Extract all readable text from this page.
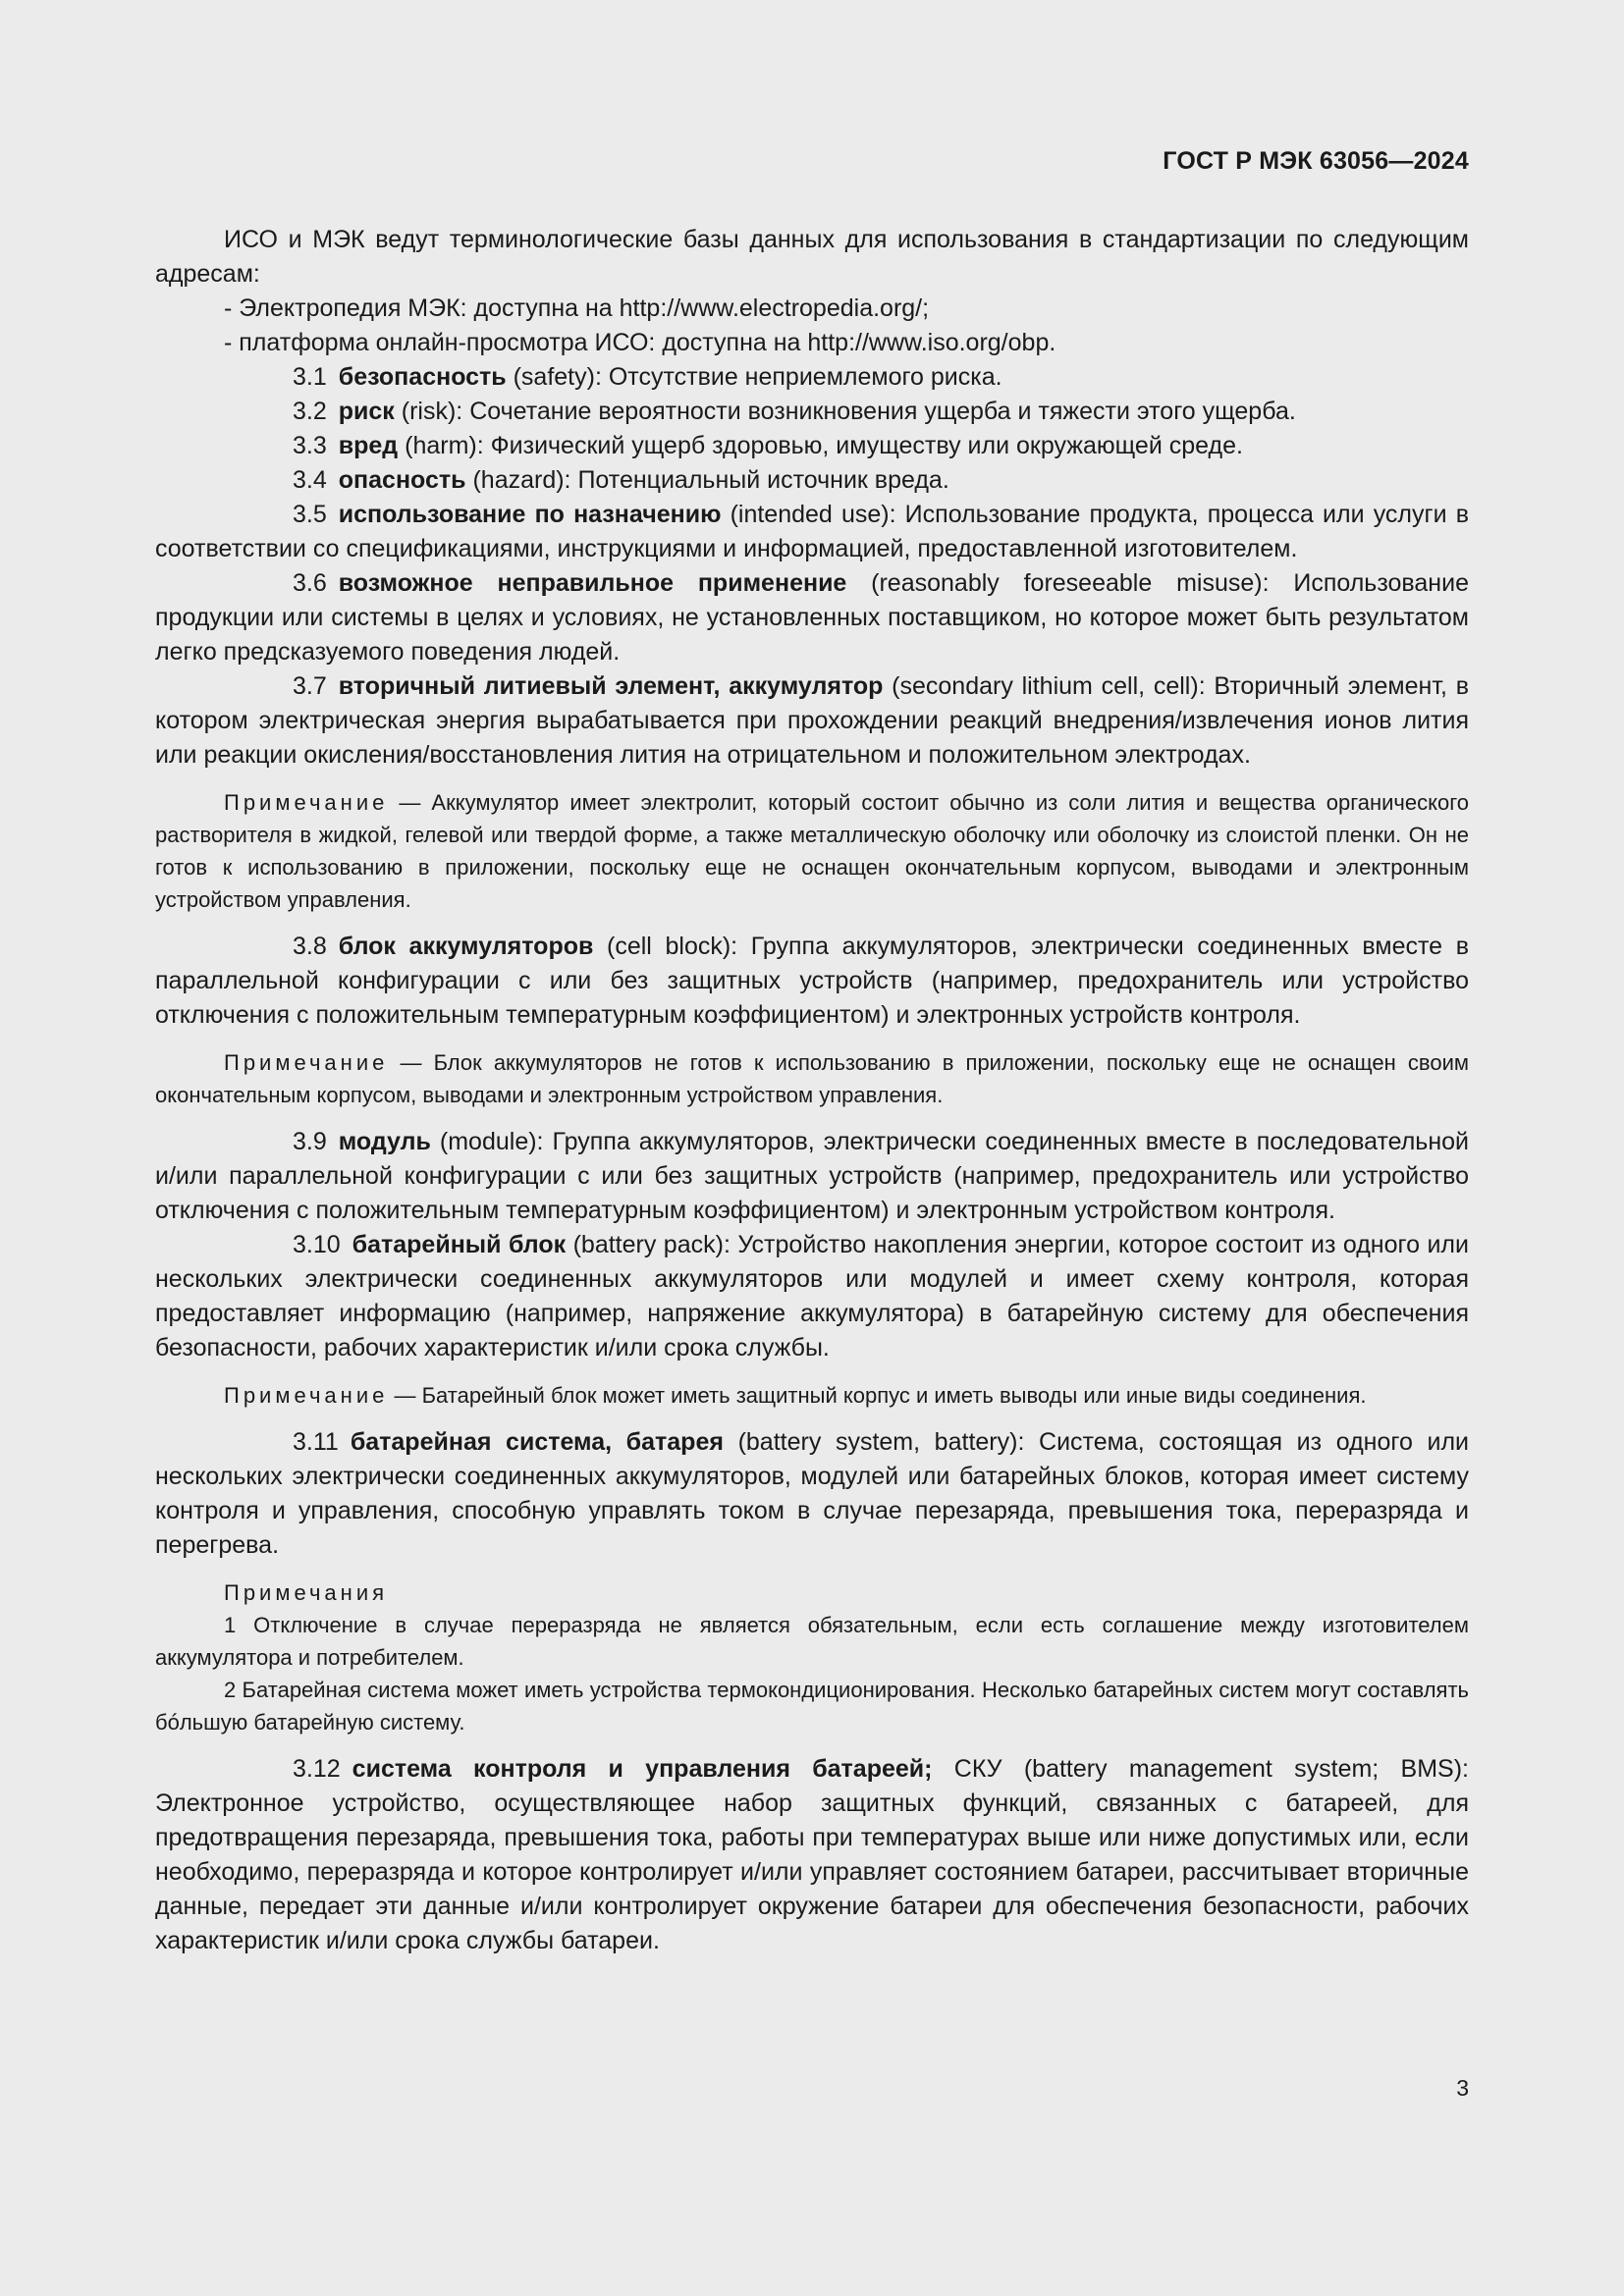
ГОСТ Р МЭК 63056—2024

ИСО и МЭК ведут терминологические базы данных для использования в стандартизации по следующим адресам:

- Электропедия МЭК: доступна на http://www.electropedia.org/;

- платформа онлайн-просмотра ИСО: доступна на http://www.iso.org/obp.

3.1 безопасность (safety): Отсутствие неприемлемого риска.

3.2 риск (risk): Сочетание вероятности возникновения ущерба и тяжести этого ущерба.

3.3 вред (harm): Физический ущерб здоровью, имуществу или окружающей среде.

3.4 опасность (hazard): Потенциальный источник вреда.

3.5 использование по назначению (intended use): Использование продукта, процесса или услуги в соответствии со спецификациями, инструкциями и информацией, предоставленной изготовителем.

3.6 возможное неправильное применение (reasonably foreseeable misuse): Использование продукции или системы в целях и условиях, не установленных поставщиком, но которое может быть результатом легко предсказуемого поведения людей.

3.7 вторичный литиевый элемент, аккумулятор (secondary lithium cell, cell): Вторичный элемент, в котором электрическая энергия вырабатывается при прохождении реакций внедрения/извлечения ионов лития или реакции окисления/восстановления лития на отрицательном и положительном электродах.

Примечание — Аккумулятор имеет электролит, который состоит обычно из соли лития и вещества органического растворителя в жидкой, гелевой или твердой форме, а также металлическую оболочку или оболочку из слоистой пленки. Он не готов к использованию в приложении, поскольку еще не оснащен окончательным корпусом, выводами и электронным устройством управления.

3.8 блок аккумуляторов (cell block): Группа аккумуляторов, электрически соединенных вместе в параллельной конфигурации с или без защитных устройств (например, предохранитель или устройство отключения с положительным температурным коэффициентом) и электронных устройств контроля.

Примечание — Блок аккумуляторов не готов к использованию в приложении, поскольку еще не оснащен своим окончательным корпусом, выводами и электронным устройством управления.

3.9 модуль (module): Группа аккумуляторов, электрически соединенных вместе в последовательной и/или параллельной конфигурации с или без защитных устройств (например, предохранитель или устройство отключения с положительным температурным коэффициентом) и электронным устройством контроля.

3.10 батарейный блок (battery pack): Устройство накопления энергии, которое состоит из одного или нескольких электрически соединенных аккумуляторов или модулей и имеет схему контроля, которая предоставляет информацию (например, напряжение аккумулятора) в батарейную систему для обеспечения безопасности, рабочих характеристик и/или срока службы.

Примечание — Батарейный блок может иметь защитный корпус и иметь выводы или иные виды соединения.

3.11 батарейная система, батарея (battery system, battery): Система, состоящая из одного или нескольких электрически соединенных аккумуляторов, модулей или батарейных блоков, которая имеет систему контроля и управления, способную управлять током в случае перезаряда, превышения тока, переразряда и перегрева.

Примечания

1 Отключение в случае переразряда не является обязательным, если есть соглашение между изготовителем аккумулятора и потребителем.

2 Батарейная система может иметь устройства термокондиционирования. Несколько батарейных систем могут составлять бóльшую батарейную систему.

3.12 система контроля и управления батареей; СКУ (battery management system; BMS): Электронное устройство, осуществляющее набор защитных функций, связанных с батареей, для предотвращения перезаряда, превышения тока, работы при температурах выше или ниже допустимых или, если необходимо, переразряда и которое контролирует и/или управляет состоянием батареи, рассчитывает вторичные данные, передает эти данные и/или контролирует окружение батареи для обеспечения безопасности, рабочих характеристик и/или срока службы батареи.

3
